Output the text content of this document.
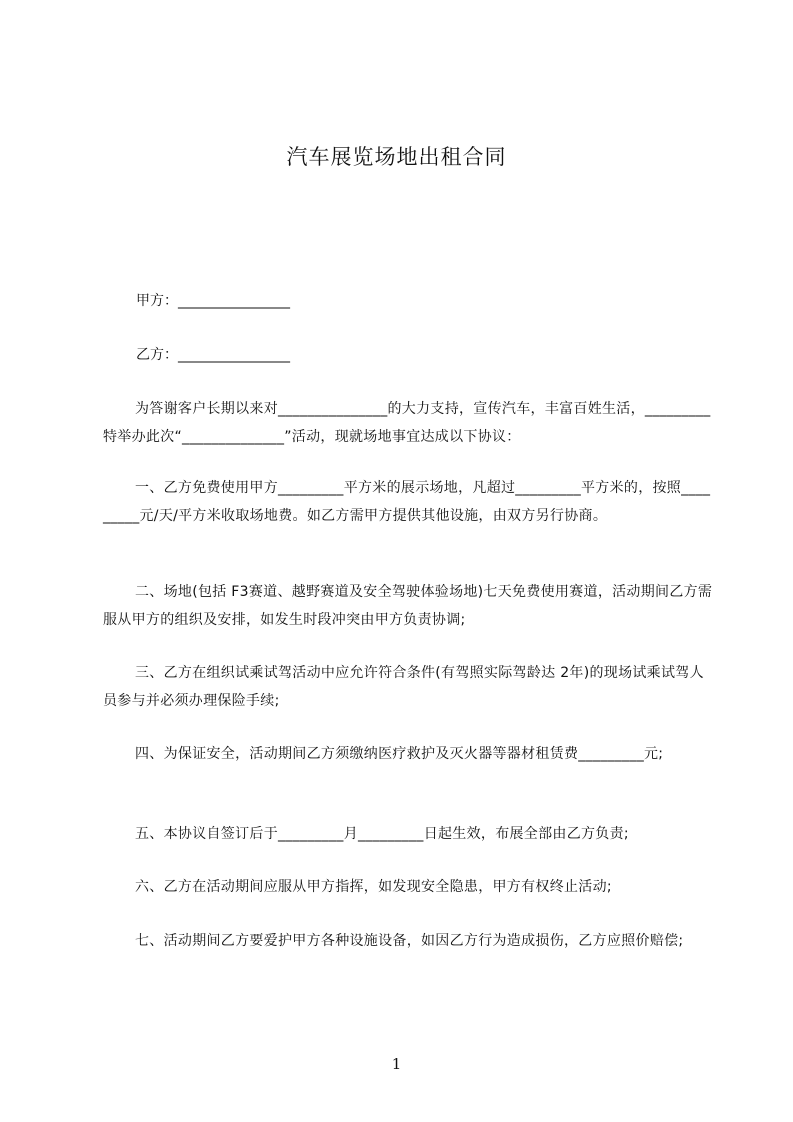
汽车展览场地出租合同
甲方：________________
乙方：________________
为答谢客户长期以来对_______________的大力支持，宣传汽车，丰富百姓生活，_________特举办此次“______________”活动，现就场地事宜达成以下协议：
一、乙方免费使用甲方_________平方米的展示场地，凡超过_________平方米的，按照_________元/天/平方米收取场地费。如乙方需甲方提供其他设施，由双方另行协商。
二、场地(包括 F3赛道、越野赛道及安全驾驶体验场地)七天免费使用赛道，活动期间乙方需服从甲方的组织及安排，如发生时段冲突由甲方负责协调;
三、乙方在组织试乘试驾活动中应允许符合条件(有驾照实际驾龄达 2年)的现场试乘试驾人员参与并必须办理保险手续;
四、为保证安全，活动期间乙方须缴纳医疗救护及灭火器等器材租赁费_________元;
五、本协议自签订后于_________月_________日起生效，布展全部由乙方负责;
六、乙方在活动期间应服从甲方指挥，如发现安全隐患，甲方有权终止活动;
七、活动期间乙方要爱护甲方各种设施设备，如因乙方行为造成损伤，乙方应照价赔偿;
1
